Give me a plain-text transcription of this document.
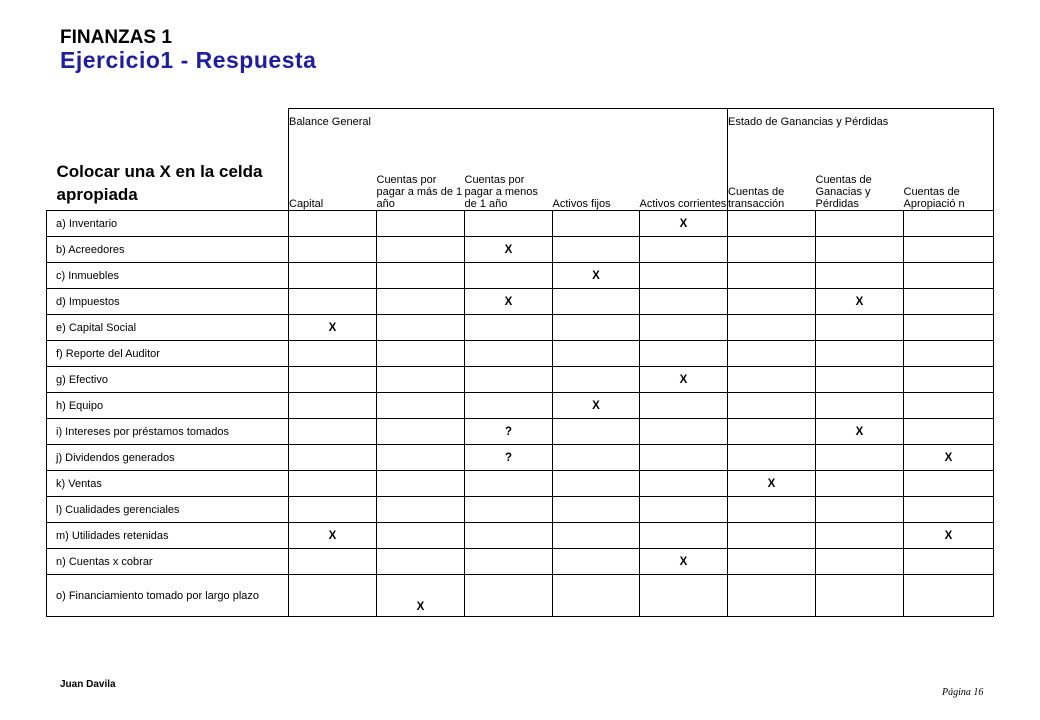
FINANZAS 1
Ejercicio1 - Respuesta
Colocar una X en la celda apropiada	Balance General					Estado de Ganancias y Pérdidas		
	Capital	Cuentas por pagar a más de 1 año	Cuentas por pagar a menos de 1 año	Activos fijos	Activos corrientes	Cuentas de transacción	Cuentas de Ganacias y Pérdidas	Cuentas de Apropiació n
a) Inventario					X			
b) Acreedores			X					
c) Inmuebles				X				
d) Impuestos			X				X	
e) Capital Social	X							
f) Reporte del Auditor								
g) Efectivo					X			
h) Equipo				X				
i) Intereses por préstamos tomados			?				X	
j) Dividendos generados			?					X
k) Ventas						X		
l) Cualidades gerenciales								
m) Utilidades retenidas	X							X
n) Cuentas x cobrar					X			
o) Financiamiento tomado por largo plazo		X						
Juan Davila
Página 16
